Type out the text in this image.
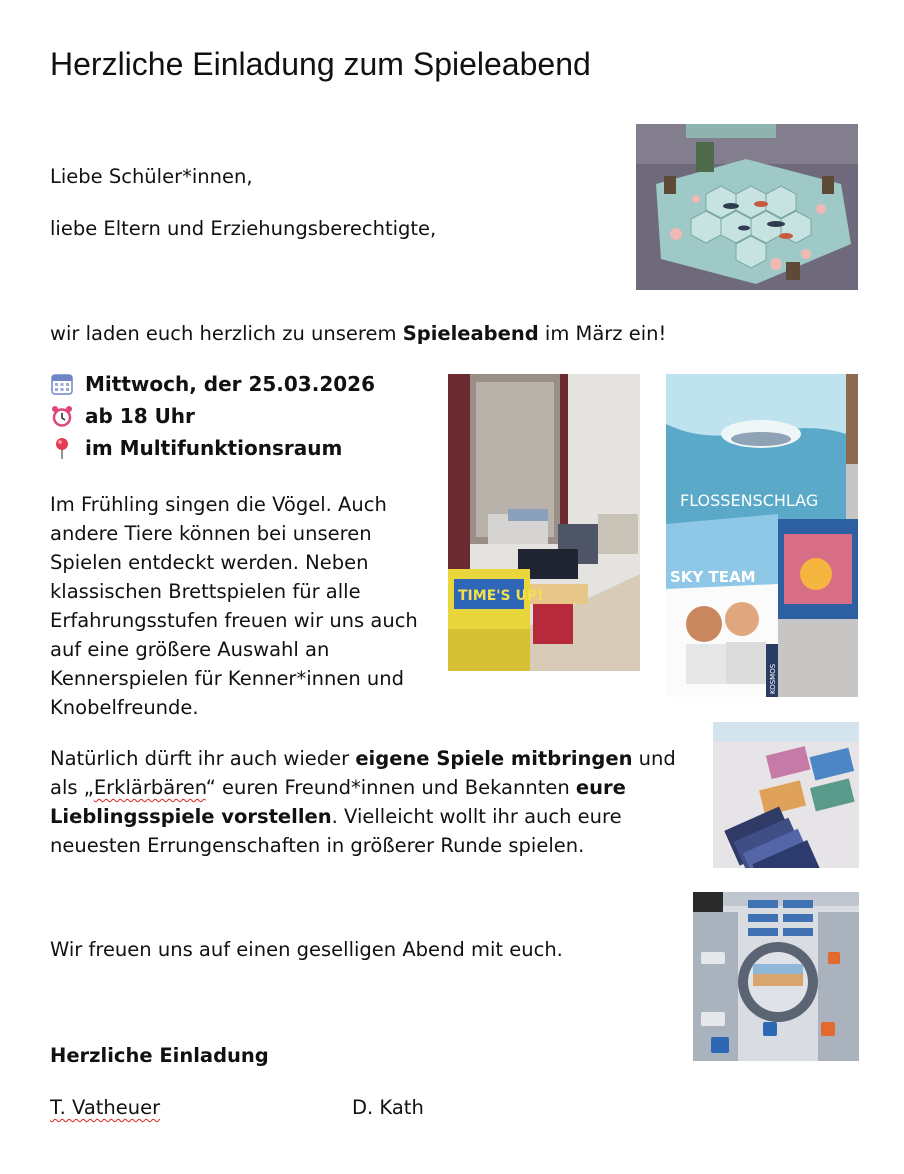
Herzliche Einladung zum Spieleabend
Liebe Schüler*innen,
liebe Eltern und Erziehungsberechtigte,
wir laden euch herzlich zu unserem Spieleabend im März ein!
Mittwoch, der 25.03.2026
ab 18 Uhr
im Multifunktionsraum
Im Frühling singen die Vögel. Auch andere Tiere können bei unseren Spielen entdeckt werden. Neben klassischen Brettspielen für alle Erfahrungsstufen freuen wir uns auch auf eine größere Auswahl an Kennerspielen für Kenner*innen und Knobelfreunde.
TIME'S UP!
FLOSSENSCHLAG
SKY TEAM
KOSMOS
Natürlich dürft ihr auch wieder eigene Spiele mitbringen und als „Erklärbären“ euren Freund*innen und Bekannten eure Lieblingsspiele vorstellen. Vielleicht wollt ihr auch eure neuesten Errungenschaften in größerer Runde spielen.
Wir freuen uns auf einen geselligen Abend mit euch.
Herzliche Einladung
T. Vatheuer	D. Kath
